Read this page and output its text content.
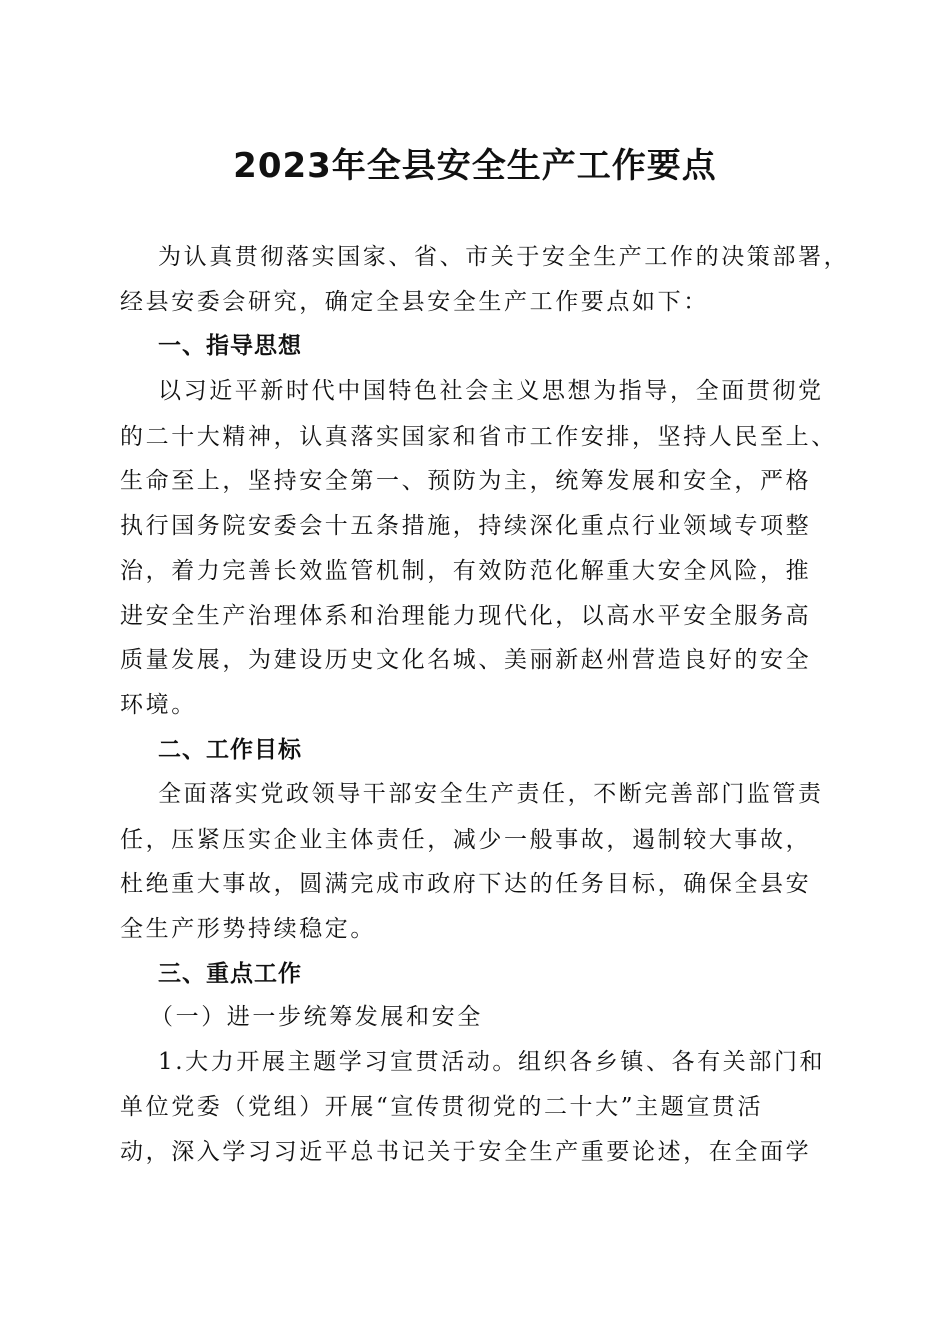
2023年全县安全生产工作要点
为认真贯彻落实国家、省、市关于安全生产工作的决策部署，
经县安委会研究，确定全县安全生产工作要点如下：
一、指导思想
以习近平新时代中国特色社会主义思想为指导，全面贯彻党
的二十大精神，认真落实国家和省市工作安排，坚持人民至上、
生命至上，坚持安全第一、预防为主，统筹发展和安全，严格
执行国务院安委会十五条措施，持续深化重点行业领域专项整
治，着力完善长效监管机制，有效防范化解重大安全风险，推
进安全生产治理体系和治理能力现代化，以高水平安全服务高
质量发展，为建设历史文化名城、美丽新赵州营造良好的安全
环境。
二、工作目标
全面落实党政领导干部安全生产责任，不断完善部门监管责
任，压紧压实企业主体责任，减少一般事故，遏制较大事故，
杜绝重大事故，圆满完成市政府下达的任务目标，确保全县安
全生产形势持续稳定。
三、重点工作
（一）进一步统筹发展和安全
1.大力开展主题学习宣贯活动。组织各乡镇、各有关部门和
单位党委（党组）开展“宣传贯彻党的二十大”主题宣贯活
动，深入学习习近平总书记关于安全生产重要论述，在全面学
